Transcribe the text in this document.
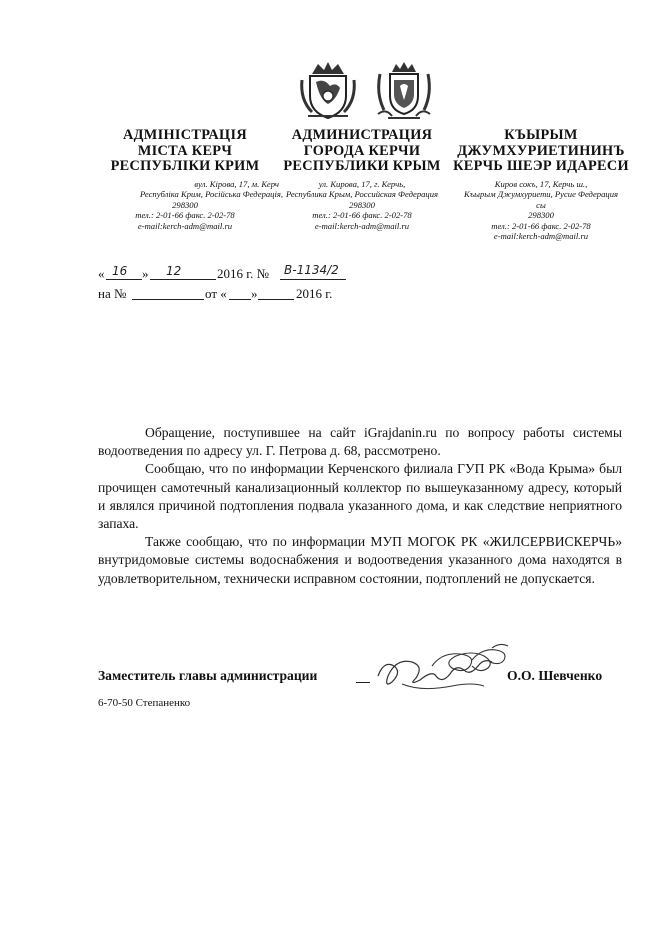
АДМІНІСТРАЦІЯ
МІСТА КЕРЧ
РЕСПУБЛІКИ КРИМ
вул. Кірова, 17, м. Керч
Республіка Крим, Російська Федерація,
298300
тел.: 2-01-66 факс. 2-02-78
e-mail:kerch-adm@mail.ru
АДМИНИСТРАЦИЯ
ГОРОДА КЕРЧИ
РЕСПУБЛИКИ КРЫМ
ул. Кирова, 17, г. Керчь,
Республика Крым, Российская Федерация
298300
тел.: 2-01-66 факс. 2-02-78
e-mail:kerch-adm@mail.ru
КЪЫРЫМ
ДЖУМХУРИЕТИНИНЪ
КЕРЧЬ ШЕЭР ИДАРЕСИ
Киров сокъ, 17, Керчь ш.,
Къырым Джумхуриети, Русие Федерация
сы
298300
тел.: 2-01-66 факс. 2-02-78
e-mail:kerch-adm@mail.ru
« 16 » 12	2016 г. № В-1134/2
на №	от « »	2016 г.

Обращение, поступившее на сайт iGrajdanin.ru по вопросу работы системы водоотведения по адресу ул. Г. Петрова д. 68, рассмотрено.

Сообщаю, что по информации Керченского филиала ГУП РК «Вода Крыма» был прочищен самотечный канализационный коллектор по вышеуказанному адресу, который и являлся причиной подтопления подвала указанного дома, и как следствие неприятного запаха.

Также сообщаю, что по информации МУП МОГОК РК «ЖИЛСЕРВИСКЕРЧЬ» внутридомовые системы водоснабжения и водоотведения указанного дома находятся в удовлетворительном, технически исправном состоянии, подтоплений не допускается.

Заместитель главы администрации	О.О. Шевченко
6-70-50 Степаненко
